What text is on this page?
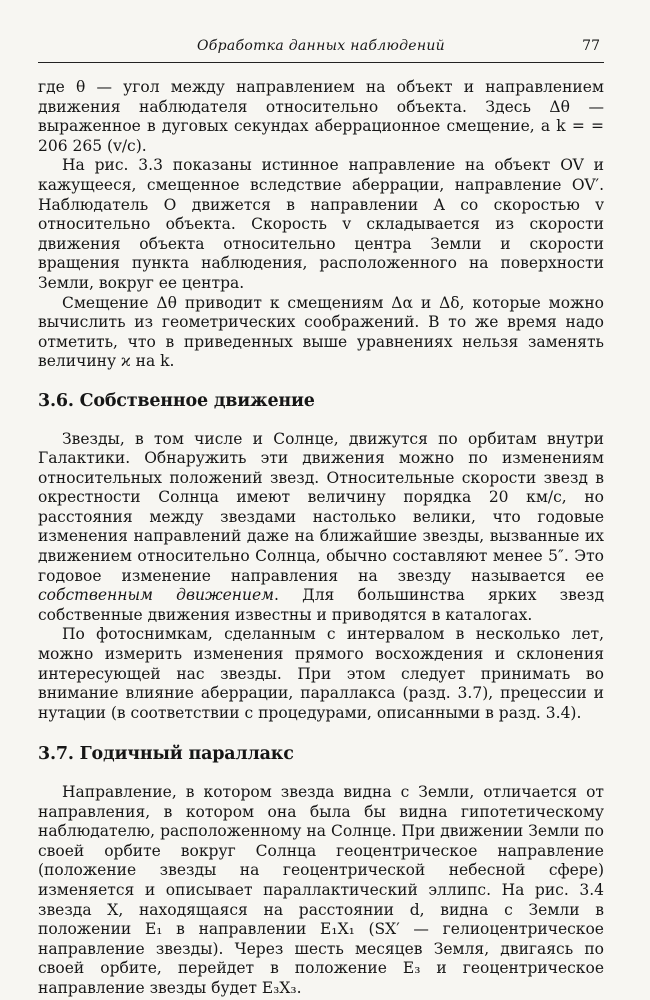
Обработка данных наблюдений	77

где θ — угол между направлением на объект и направлением движения наблюдателя относительно объекта. Здесь Δθ — выраженное в дуговых секундах аберрационное смещение, а k = = 206 265 (v/c).

На рис. 3.3 показаны истинное направление на объект OV и кажущееся, смещенное вследствие аберрации, направление OV′. Наблюдатель O движется в направлении A со скоростью v относительно объекта. Скорость v складывается из скорости движения объекта относительно центра Земли и скорости вращения пункта наблюдения, расположенного на поверхности Земли, вокруг ее центра.

Смещение Δθ приводит к смещениям Δα и Δδ, которые можно вычислить из геометрических соображений. В то же время надо отметить, что в приведенных выше уравнениях нельзя заменять величину ϰ на k.

3.6. Собственное движение

Звезды, в том числе и Солнце, движутся по орбитам внутри Галактики. Обнаружить эти движения можно по изменениям относительных положений звезд. Относительные скорости звезд в окрестности Солнца имеют величину порядка 20 км/с, но расстояния между звездами настолько велики, что годовые изменения направлений даже на ближайшие звезды, вызванные их движением относительно Солнца, обычно составляют менее 5″. Это годовое изменение направления на звезду называется ее собственным движением. Для большинства ярких звезд собственные движения известны и приводятся в каталогах.

По фотоснимкам, сделанным с интервалом в несколько лет, можно измерить изменения прямого восхождения и склонения интересующей нас звезды. При этом следует принимать во внимание влияние аберрации, параллакса (разд. 3.7), прецессии и нутации (в соответствии с процедурами, описанными в разд. 3.4).

3.7. Годичный параллакс

Направление, в котором звезда видна с Земли, отличается от направления, в котором она была бы видна гипотетическому наблюдателю, расположенному на Солнце. При движении Земли по своей орбите вокруг Солнца геоцентрическое направление (положение звезды на геоцентрической небесной сфере) изменяется и описывает параллактический эллипс. На рис. 3.4 звезда X, находящаяся на расстоянии d, видна с Земли в положении E₁ в направлении E₁X₁ (SX′ — гелиоцентрическое направление звезды). Через шесть месяцев Земля, двигаясь по своей орбите, перейдет в положение E₃ и геоцентрическое направление звезды будет E₃X₃.
